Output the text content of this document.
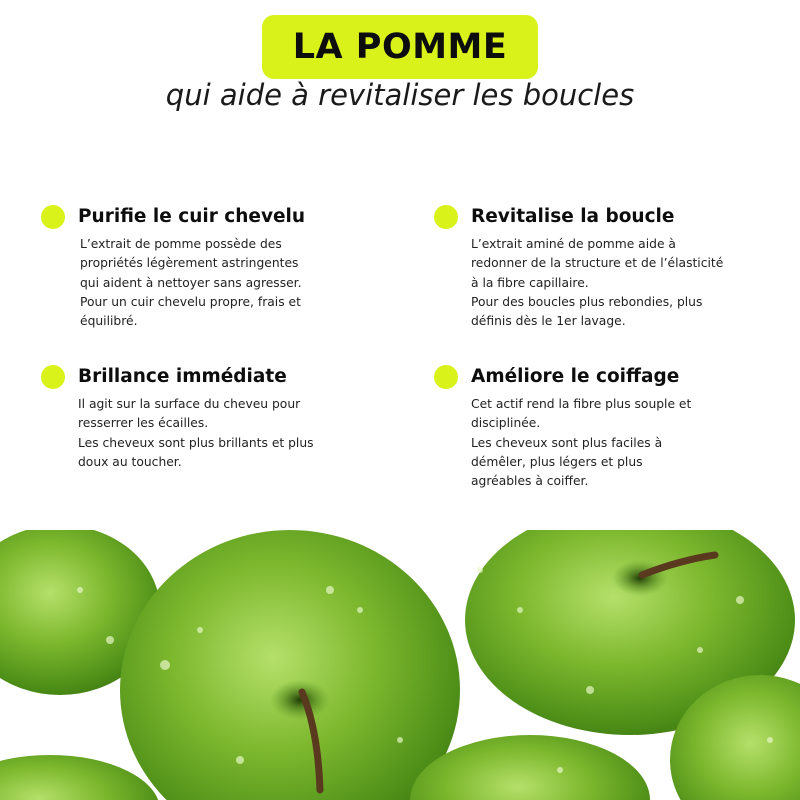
LA POMME
qui aide à revitaliser les boucles
Purifie le cuir chevelu
L’extrait de pomme possède des
propriétés légèrement astringentes
qui aident à nettoyer sans agresser.
Pour un cuir chevelu propre, frais et
équilibré.
Revitalise la boucle
L’extrait aminé de pomme aide à
redonner de la structure et de l’élasticité
à la fibre capillaire.
Pour des boucles plus rebondies, plus
définis dès le 1er lavage.
Brillance immédiate
Il agit sur la surface du cheveu pour
resserrer les écailles.
Les cheveux sont plus brillants et plus
doux au toucher.
Améliore le coiffage
Cet actif rend la fibre plus souple et
disciplinée.
Les cheveux sont plus faciles à
démêler, plus légers et plus
agréables à coiffer.
